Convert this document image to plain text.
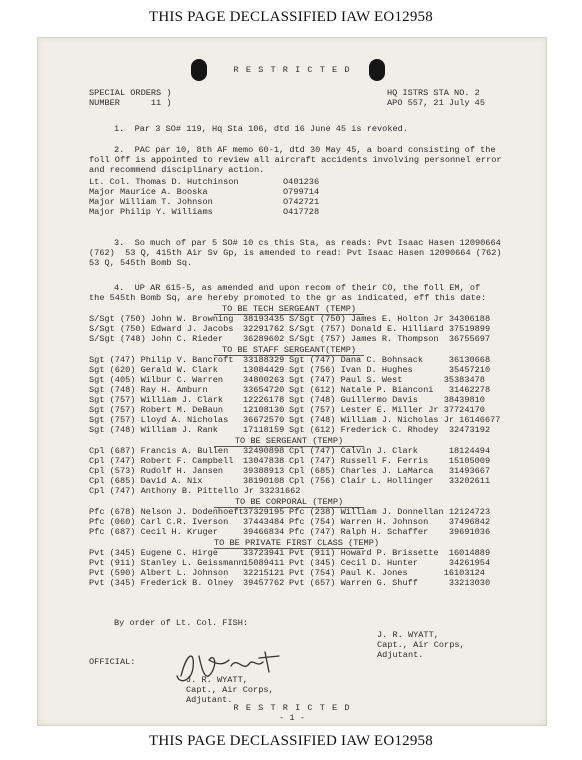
THIS PAGE DECLASSIFIED IAW EO12958
R E S T R I C T E D
SPECIAL ORDERS )
NUMBER      11 )
HQ ISTRS STA NO. 2
APO 557, 21 July 45
1.  Par 3 SO# 119, Hq Sta 106, dtd 16 June 45 is revoked.
2.  PAC par 10, 8th AF memo 60-1, dtd 30 May 45, a board consisting of the
foll Off is appointed to review all aircraft accidents involving personnel error
and recommend disciplinary action.
Lt. Col. Thomas D. Hutchinson	O401236
Major Maurice A. Booska	O799714
Major William T. Johnson	O742721
Major Philip Y. Williams	O417728
3.  So much of par 5 SO# 10 cs this Sta, as reads: Pvt Isaac Hasen 12090664
(762)  53 Q, 415th Air Sv Gp, is amended to read: Pvt Isaac Hasen 12090664 (762)
53 Q, 545th Bomb Sq.
4.  UP AR 615-5, as amended and upon recom of their CO, the foll EM, of
the 545th Bomb Sq, are hereby promoted to the gr as indicated, eff this date:
TO BE TECH SERGEANT (TEMP)
S/Sgt (750) John W. Browning 38193435 S/Sgt (750) James E. Holton Jr 34306188
S/Sgt (750) Edward J. Jacobs 32291762 S/Sgt (757) Donald E. Hilliard 37519899
S/Sgt (748) John C. Rieder 36289602 S/Sgt (757) James R. Thompson  36755697
TO BE STAFF SERGEANT(TEMP)
Sgt (747) Philip V. Bancroft 33188329 Sgt (747) Dana C. Bohnsack     36130668
Sgt (620) Gerald W. Clark	13084429 Sgt (756) Ivan D. Hughes       35457210
Sgt (405) Wilbur C. Warren 34800263 Sgt (747) Paul S. West        35383478
Sgt (748) Ray H. Amburn	33654720 Sgt (612) Natale P. Bianconi   31462278
Sgt (757) William J. Clark 12226178 Sgt (748) Guillermo Davis     38439810
Sgt (757) Robert M. DeBaun 12108130 Sgt (757) Lester E. Miller Jr 37724170
Sgt (757) Lloyd A. Nicholas 36672570 Sgt (748) William J. Nicholas Jr 16146677
Sgt (748) William J. Rank	17118159 Sgt (612) Frederick C. Rhodey  32473192
TO BE SERGEANT (TEMP)
Cpl (687) Francis A. Bullen 32490898 Cpl (747) Calvin J. Clark      18124494
Cpl (747) Robert F. Campbell 13047838 Cpl (747) Russell F. Ferris    15105009
Cpl (573) Rudolf H. Jansen 39388913 Cpl (685) Charles J. LaMarca   31493667
Cpl (685) David A. Nix	38190108 Cpl (756) Clair L. Hollinger   33202611
Cpl (747) Anthony B. Pittello Jr 33231662
TO BE CORPORAL (TEMP)
Pfc (678) Nelson J. Dodenhoeft 37329195 Pfc (238) William J. Donnellan 12124723
Pfc (060) Carl C.R. Iverson 37443484 Pfc (754) Warren H. Johnson    37496842
Pfc (687) Cecil H. Kruger	39466834 Pfc (747) Ralph H. Schaffer    39691036
TO BE PRIVATE FIRST CLASS (TEMP)
Pvt (345) Eugene C. Hirge	33723941 Pvt (911) Howard P. Brissette  16014889
Pvt (911) Stanley L. Geissmann 15089411 Pvt (345) Cecil D. Hunter      34261954
Pvt (590) Albert L. Johnson 32215121 Pvt (754) Paul K. Jones       16103124
Pvt (345) Frederick B. Olney 39457762 Pvt (657) Warren G. Shuff      33213030
By order of Lt. Col. FISH:
J. R. WYATT,
Capt., Air Corps,
Adjutant.
OFFICIAL:
J. R. WYATT,
Capt., Air Corps,
Adjutant.
R E S T R I C T E D
- 1 -
THIS PAGE DECLASSIFIED IAW EO12958
